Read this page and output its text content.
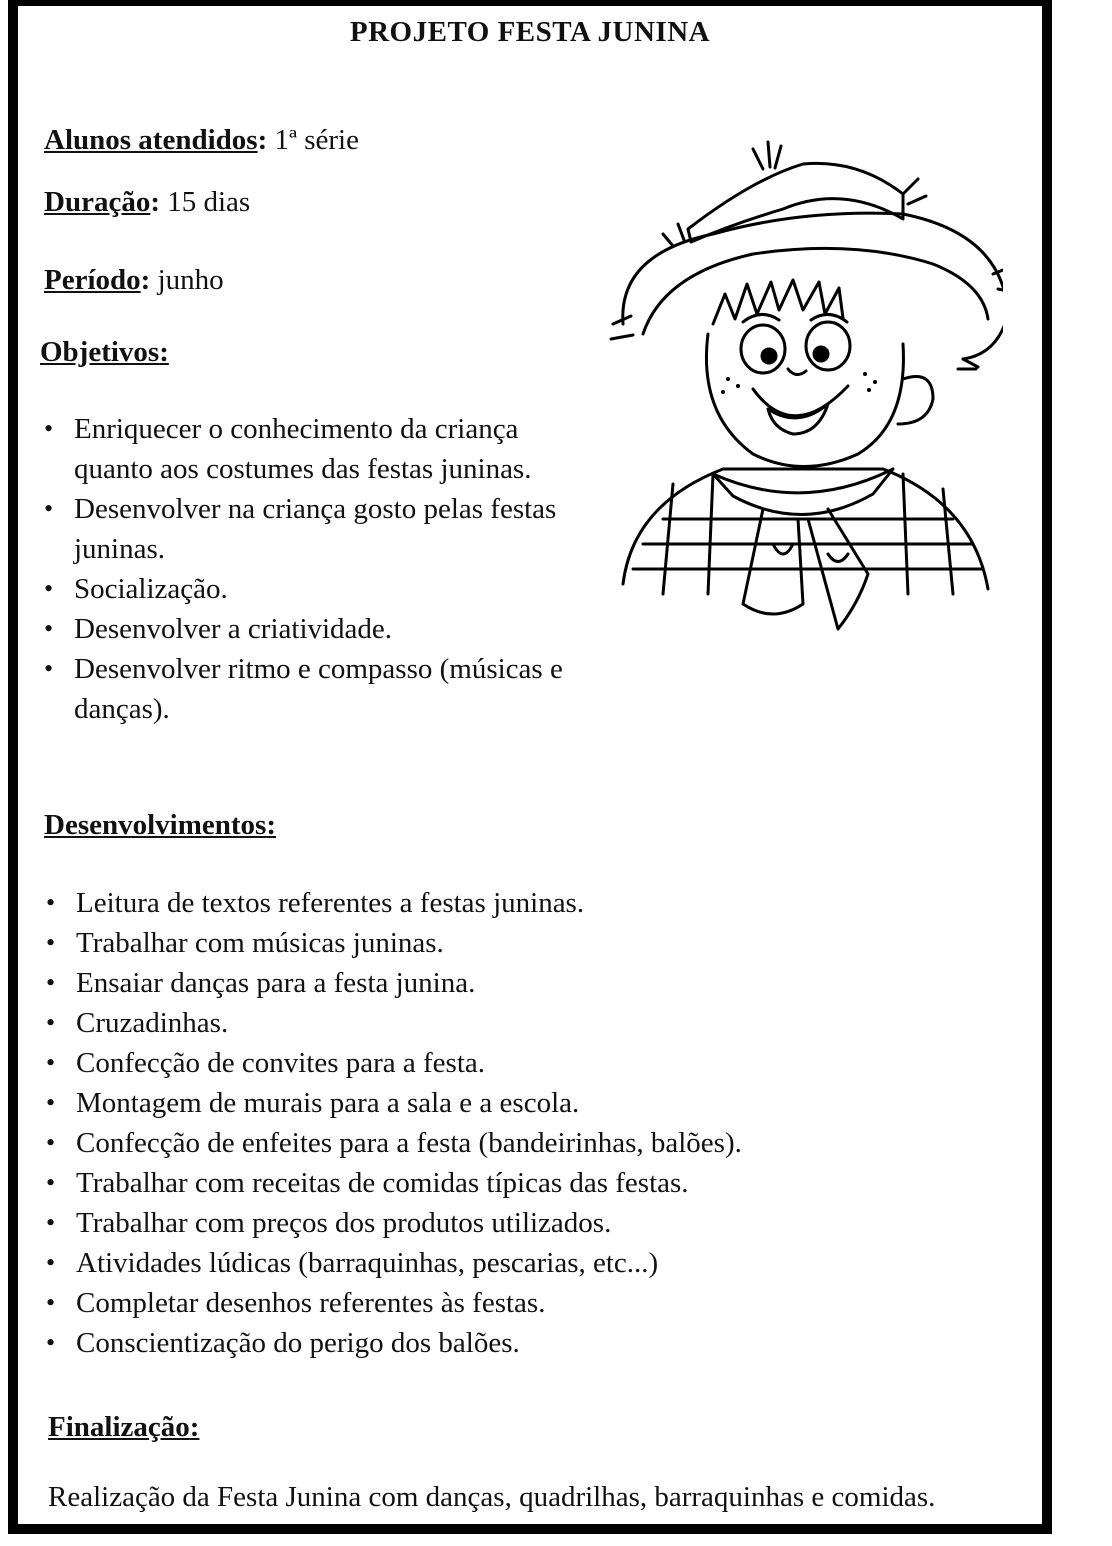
PROJETO FESTA JUNINA
Alunos atendidos: 1ª série
Duração: 15 dias
Período: junho
Objetivos:
• Enriquecer o conhecimento da criança quanto aos costumes das festas juninas.
• Desenvolver na criança gosto pelas festas juninas.
• Socialização.
• Desenvolver a criatividade.
• Desenvolver ritmo e compasso (músicas e danças).
Desenvolvimentos:
• Leitura de textos referentes a festas juninas.
• Trabalhar com músicas juninas.
• Ensaiar danças para a festa junina.
• Cruzadinhas.
• Confecção de convites para a festa.
• Montagem de murais para a sala e a escola.
• Confecção de enfeites para a festa (bandeirinhas, balões).
• Trabalhar com receitas de comidas típicas das festas.
• Trabalhar com preços dos produtos utilizados.
• Atividades lúdicas (barraquinhas, pescarias, etc...)
• Completar desenhos referentes às festas.
• Conscientização do perigo dos balões.
Finalização:
Realização da Festa Junina com danças, quadrilhas, barraquinhas e comidas.
